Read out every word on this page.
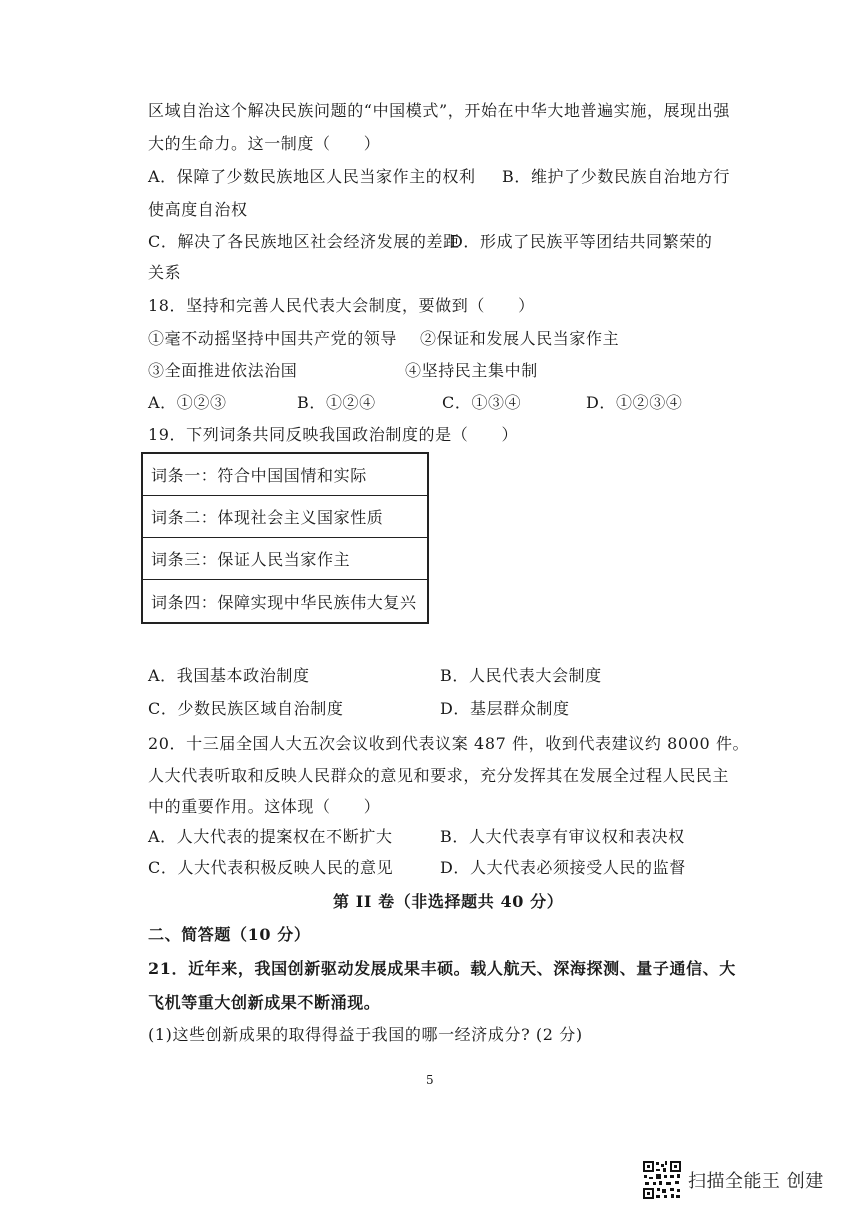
区域自治这个解决民族问题的“中国模式”，开始在中华大地普遍实施，展现出强
大的生命力。这一制度（　　）
A．保障了少数民族地区人民当家作主的权利 B．维护了少数民族自治地方行
使高度自治权
C．解决了各民族地区社会经济发展的差距
D．形成了民族平等团结共同繁荣的
关系
18．坚持和完善人民代表大会制度，要做到（　　）
①毫不动摇坚持中国共产党的领导 ②保证和发展人民当家作主
③全面推进依法治国	④坚持民主集中制
A．①②③	B．①②④	C．①③④	D．①②③④
19．下列词条共同反映我国政治制度的是（　　）
词条一：符合中国国情和实际
词条二：体现社会主义国家性质
词条三：保证人民当家作主
词条四：保障实现中华民族伟大复兴
A．我国基本政治制度	B．人民代表大会制度
C．少数民族区域自治制度	D．基层群众制度
20．十三届全国人大五次会议收到代表议案 487 件，收到代表建议约 8000 件。
人大代表听取和反映人民群众的意见和要求，充分发挥其在发展全过程人民民主
中的重要作用。这体现（　　）
A．人大代表的提案权在不断扩大	B．人大代表享有审议权和表决权
C．人大代表积极反映人民的意见	D．人大代表必须接受人民的监督
第 II 卷（非选择题共 40 分）
二、简答题（10 分）
21．近年来，我国创新驱动发展成果丰硕。载人航天、深海探测、量子通信、大
飞机等重大创新成果不断涌现。
(1)这些创新成果的取得得益于我国的哪一经济成分? (2 分)
5
扫描全能王 创建
